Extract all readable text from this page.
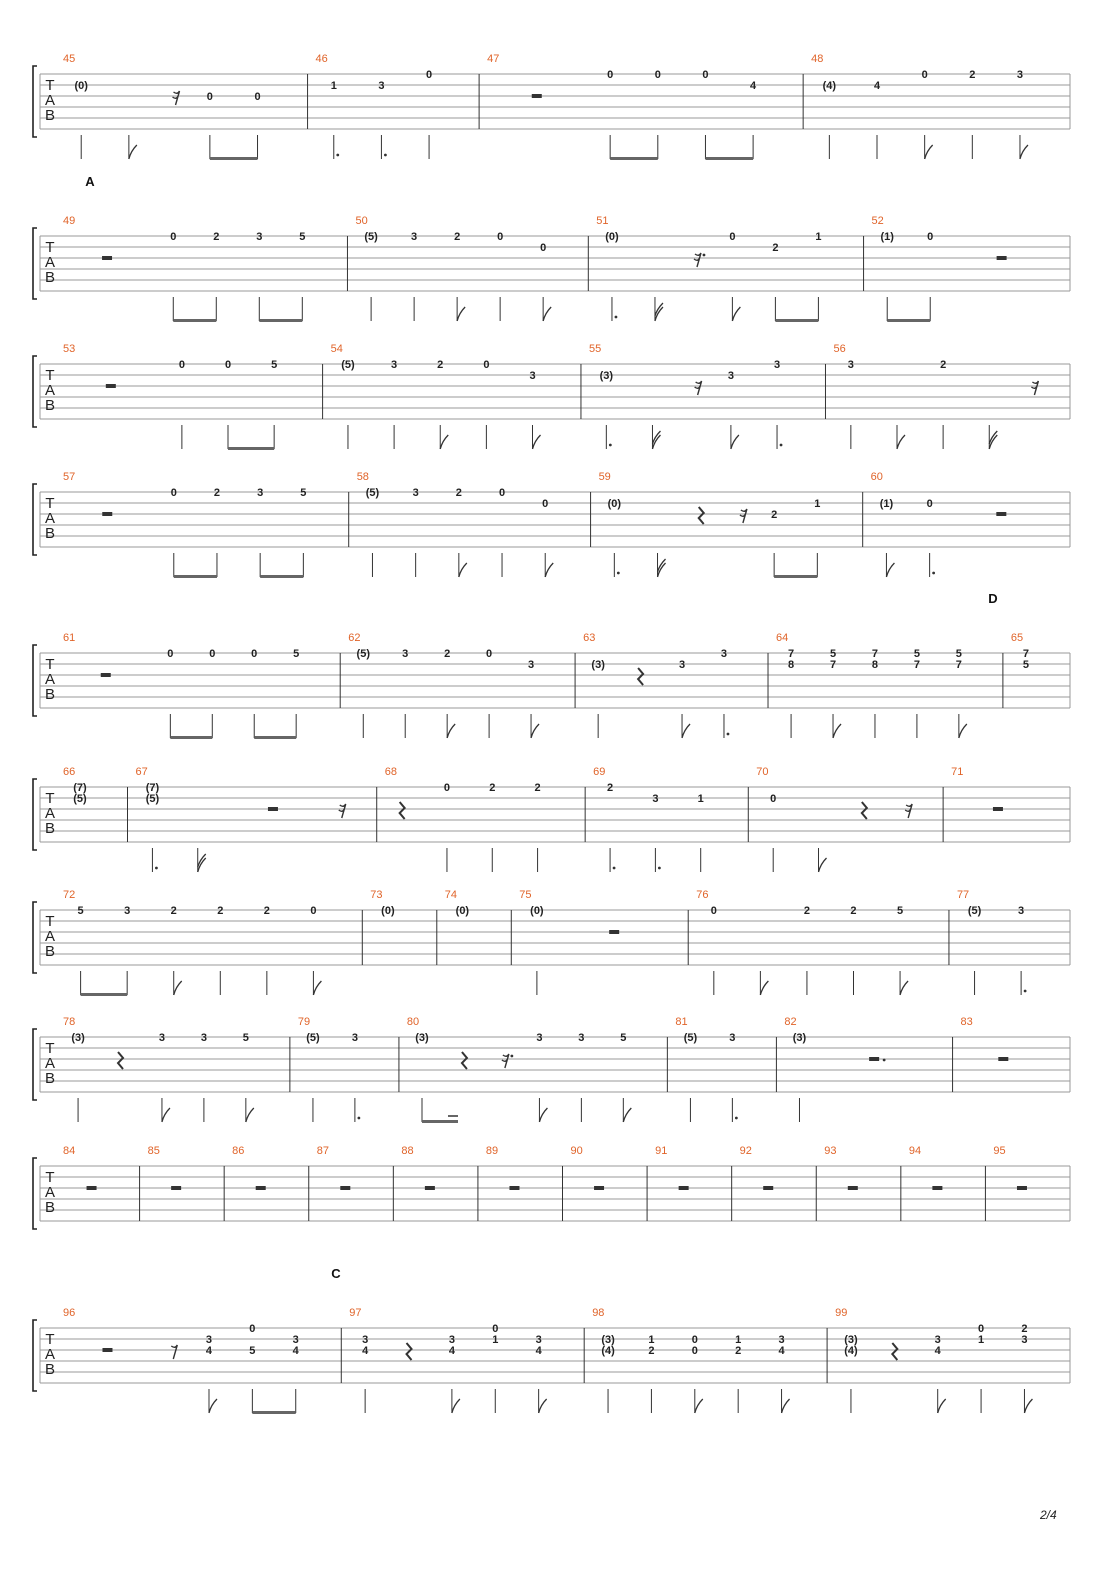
T
A
B
45
(0)
0	0
46
1	3
0
47
0	0	0
4
48
(4)	4
0	2	3
T
A
B
A
49
0	2	3	5
50
(5)	3	2	0
0
51
(0)	0
2
1
52
(1)	0
T
A
B
53
0	0	5
54
(5)	3	2	0
3
55
(3)	3
3
56
3	2
T
A
B
57
0	2	3	5
58
(5)	3	2	0
0
59
(0)
2
1
60
(1)	0
T
A
B
D
61
0	0	0	5
62
(5)	3	2	0
3
63
(3)	3
3
64
7
8
5
7
7
8
5
7
5
7
65
7
5
T
A
B
66
(7)
(5)
67
(7)
(5)
68
0	2	2
69
2
3	1
70
0
71
T
A
B
72
5	3	2	2	2	0
73
(0)
74
(0)
75
(0)
76
0	2	2	5
77
(5)	3
T
A
B
78
(3)	3	3	5
79
(5)	3
80
(3)	3	3	5
81
(5)	3
82
(3)
83
T
A
B
84	85	86	87	88	89	90	91	92	93	94	95
T
A
B
C
96
3
4
0
5
3
4
97
3
4
3
4
0
1	3
4
98
(3)
(4)
1
2
0
0
1
2
3
4
99
(3)
(4)
3
4
0
1
2
3
2/4
